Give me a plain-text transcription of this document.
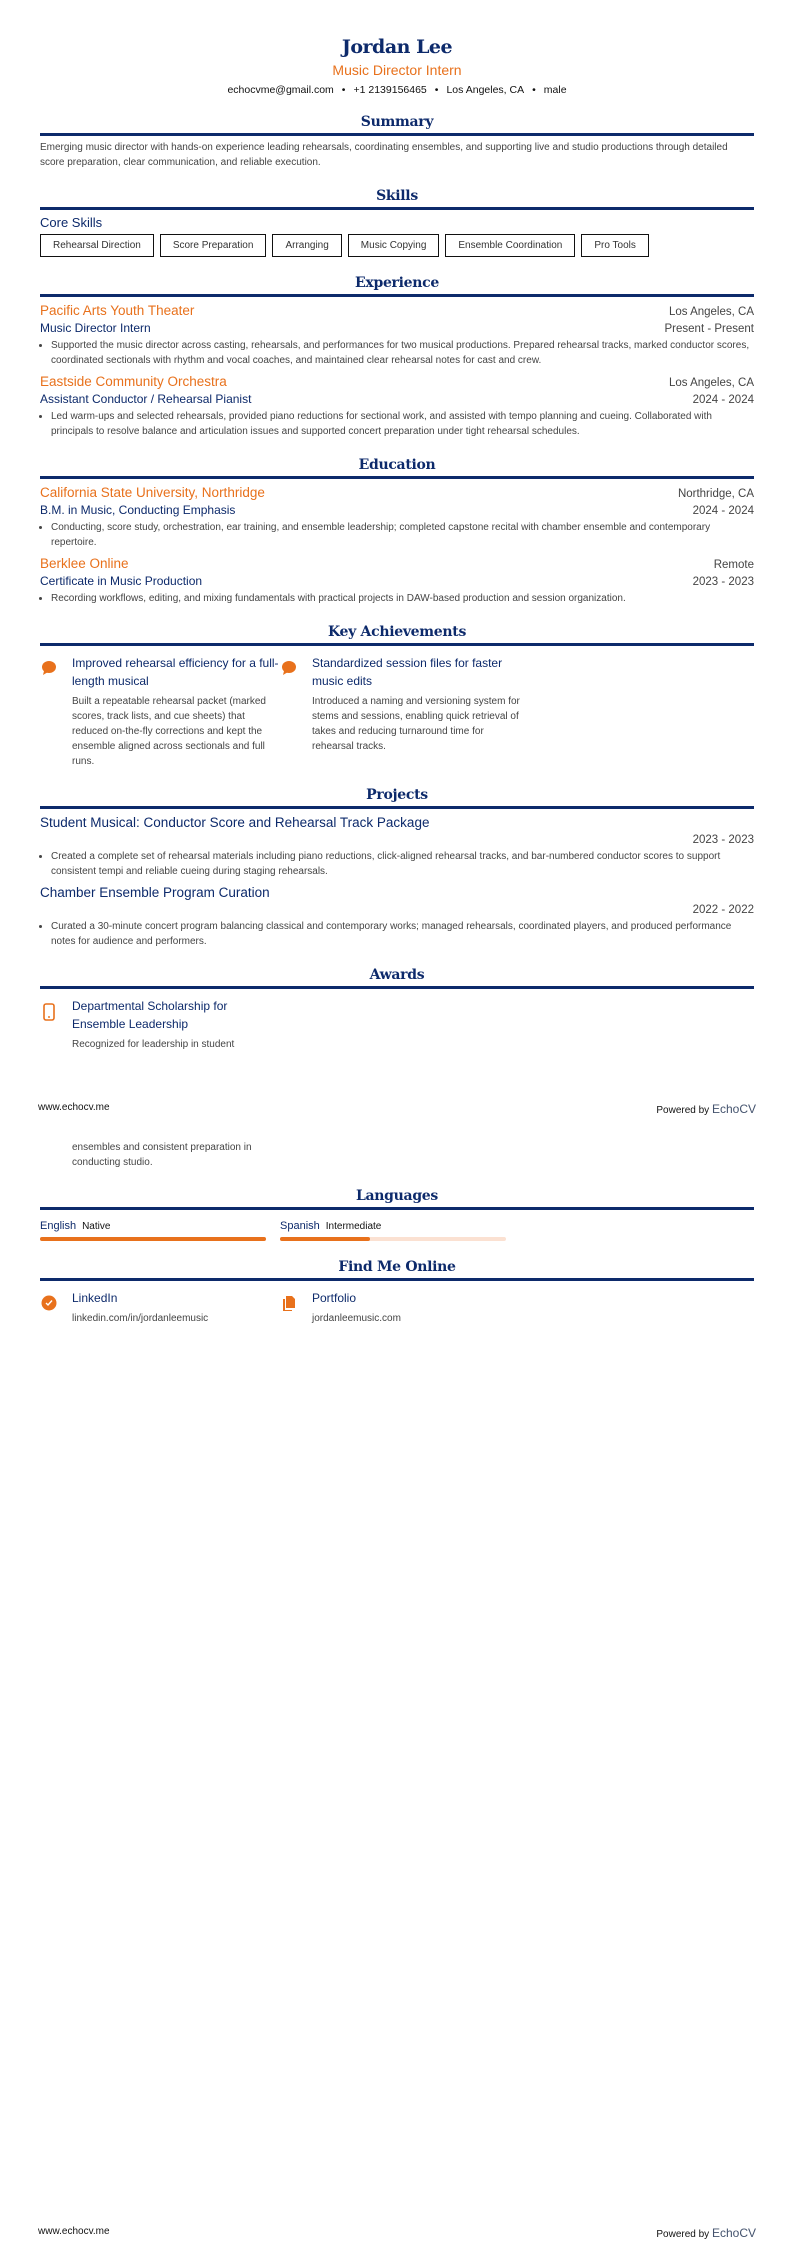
Jordan Lee
Music Director Intern
echocvme@gmail.com • +1 2139156465 • Los Angeles, CA • male
Summary
Emerging music director with hands-on experience leading rehearsals, coordinating ensembles, and supporting live and studio productions through detailed score preparation, clear communication, and reliable execution.
Skills
Core Skills
Rehearsal Direction	Score Preparation	Arranging	Music Copying	Ensemble Coordination	Pro Tools
Experience
Pacific Arts Youth Theater	Los Angeles, CA
Music Director Intern	Present - Present
• Supported the music director across casting, rehearsals, and performances for two musical productions. Prepared rehearsal tracks, marked conductor scores, coordinated sectionals with rhythm and vocal coaches, and maintained clear rehearsal notes for cast and crew.
Eastside Community Orchestra	Los Angeles, CA
Assistant Conductor / Rehearsal Pianist	2024 - 2024
• Led warm-ups and selected rehearsals, provided piano reductions for sectional work, and assisted with tempo planning and cueing. Collaborated with principals to resolve balance and articulation issues and supported concert preparation under tight rehearsal schedules.
Education
California State University, Northridge	Northridge, CA
B.M. in Music, Conducting Emphasis	2024 - 2024
• Conducting, score study, orchestration, ear training, and ensemble leadership; completed capstone recital with chamber ensemble and contemporary repertoire.
Berklee Online	Remote
Certificate in Music Production	2023 - 2023
• Recording workflows, editing, and mixing fundamentals with practical projects in DAW-based production and session organization.
Key Achievements
Improved rehearsal efficiency for a full-length musical
Built a repeatable rehearsal packet (marked scores, track lists, and cue sheets) that reduced on-the-fly corrections and kept the ensemble aligned across sectionals and full runs.
Standardized session files for faster music edits
Introduced a naming and versioning system for stems and sessions, enabling quick retrieval of takes and reducing turnaround time for rehearsal tracks.
Projects
Student Musical: Conductor Score and Rehearsal Track Package
2023 - 2023
• Created a complete set of rehearsal materials including piano reductions, click-aligned rehearsal tracks, and bar-numbered conductor scores to support consistent tempi and reliable cueing during staging rehearsals.
Chamber Ensemble Program Curation
2022 - 2022
• Curated a 30-minute concert program balancing classical and contemporary works; managed rehearsals, coordinated players, and produced performance notes for audience and performers.
Awards
Departmental Scholarship for Ensemble Leadership
Recognized for leadership in student
ensembles and consistent preparation in conducting studio.
Languages
English Native	Spanish Intermediate
Find Me Online
LinkedIn
linkedin.com/in/jordanleemusic
Portfolio
jordanleemusic.com
www.echocv.me	Powered by EchoCV
www.echocv.me	Powered by EchoCV
